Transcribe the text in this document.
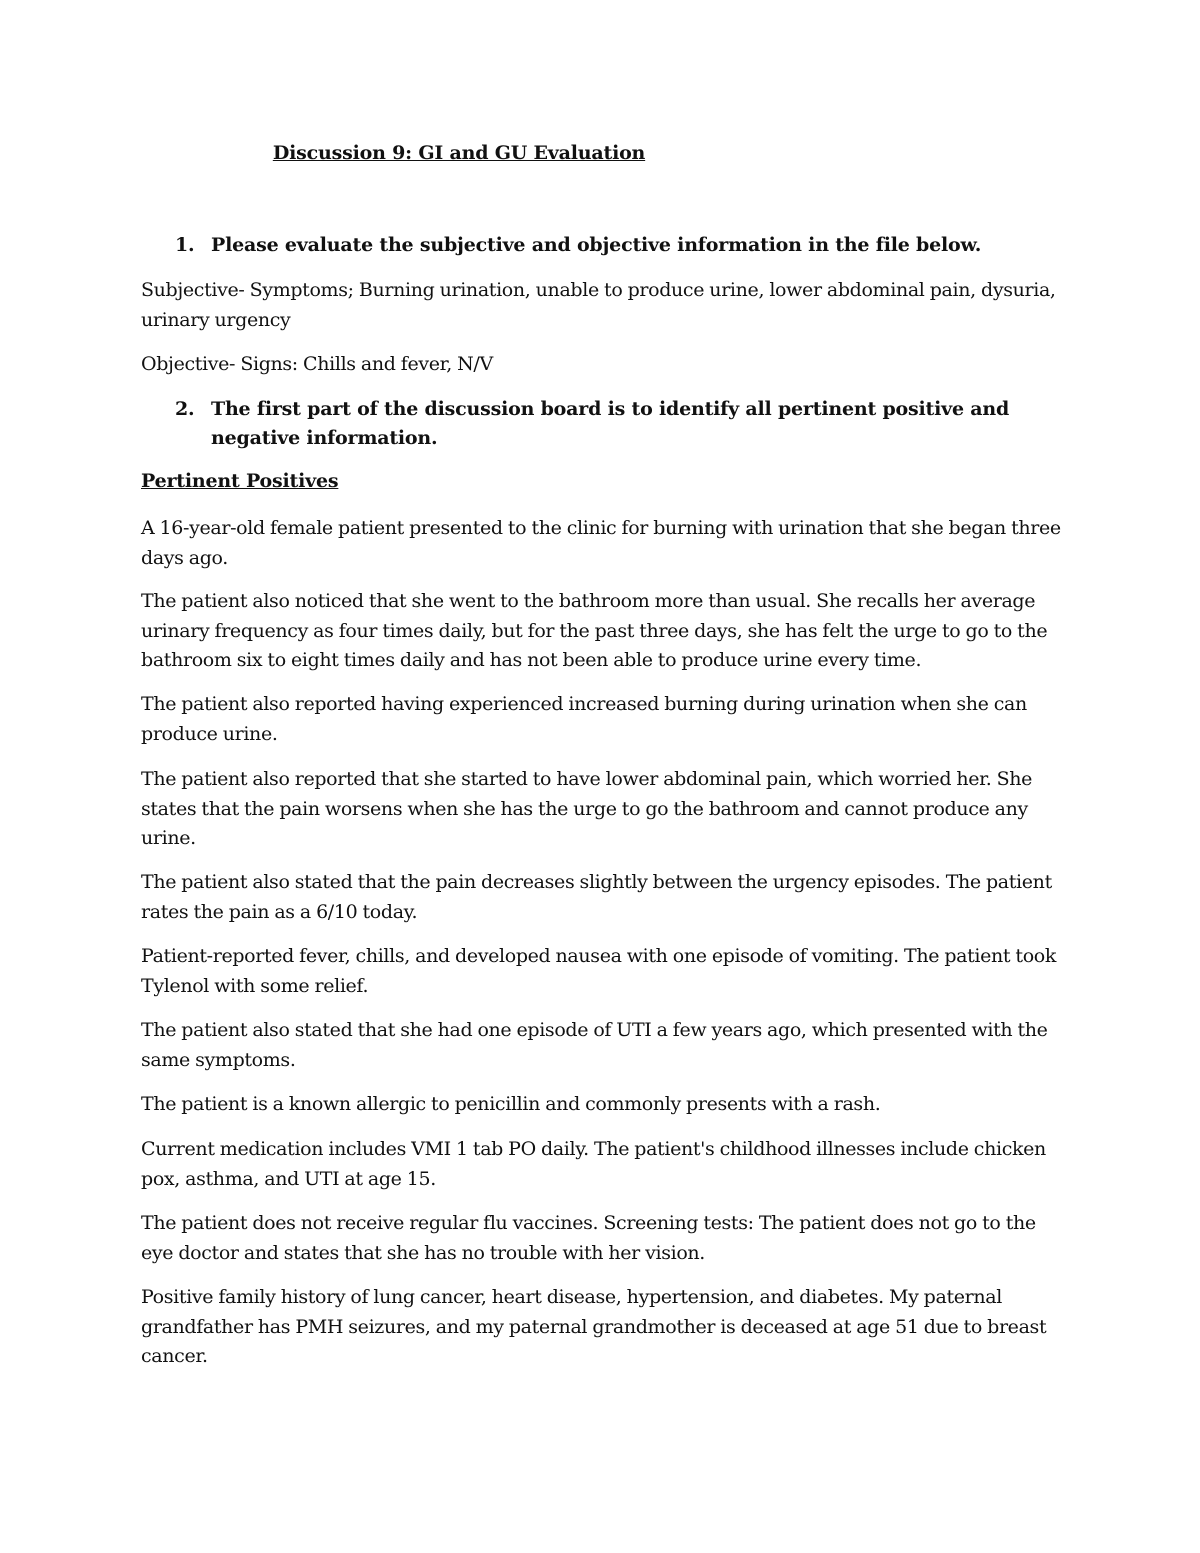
Discussion 9: GI and GU Evaluation
1. Please evaluate the subjective and objective information in the file below.
Subjective- Symptoms; Burning urination, unable to produce urine, lower abdominal pain, dysuria, urinary urgency
Objective- Signs: Chills and fever, N/V
2. The first part of the discussion board is to identify all pertinent positive and negative information.
Pertinent Positives
A 16-year-old female patient presented to the clinic for burning with urination that she began three days ago.
The patient also noticed that she went to the bathroom more than usual. She recalls her average urinary frequency as four times daily, but for the past three days, she has felt the urge to go to the bathroom six to eight times daily and has not been able to produce urine every time.
The patient also reported having experienced increased burning during urination when she can produce urine.
The patient also reported that she started to have lower abdominal pain, which worried her. She states that the pain worsens when she has the urge to go the bathroom and cannot produce any urine.
The patient also stated that the pain decreases slightly between the urgency episodes. The patient rates the pain as a 6/10 today.
Patient-reported fever, chills, and developed nausea with one episode of vomiting. The patient took Tylenol with some relief.
The patient also stated that she had one episode of UTI a few years ago, which presented with the same symptoms.
The patient is a known allergic to penicillin and commonly presents with a rash.
Current medication includes VMI 1 tab PO daily. The patient's childhood illnesses include chicken pox, asthma, and UTI at age 15.
The patient does not receive regular flu vaccines. Screening tests: The patient does not go to the eye doctor and states that she has no trouble with her vision.
Positive family history of lung cancer, heart disease, hypertension, and diabetes. My paternal grandfather has PMH seizures, and my paternal grandmother is deceased at age 51 due to breast cancer.
